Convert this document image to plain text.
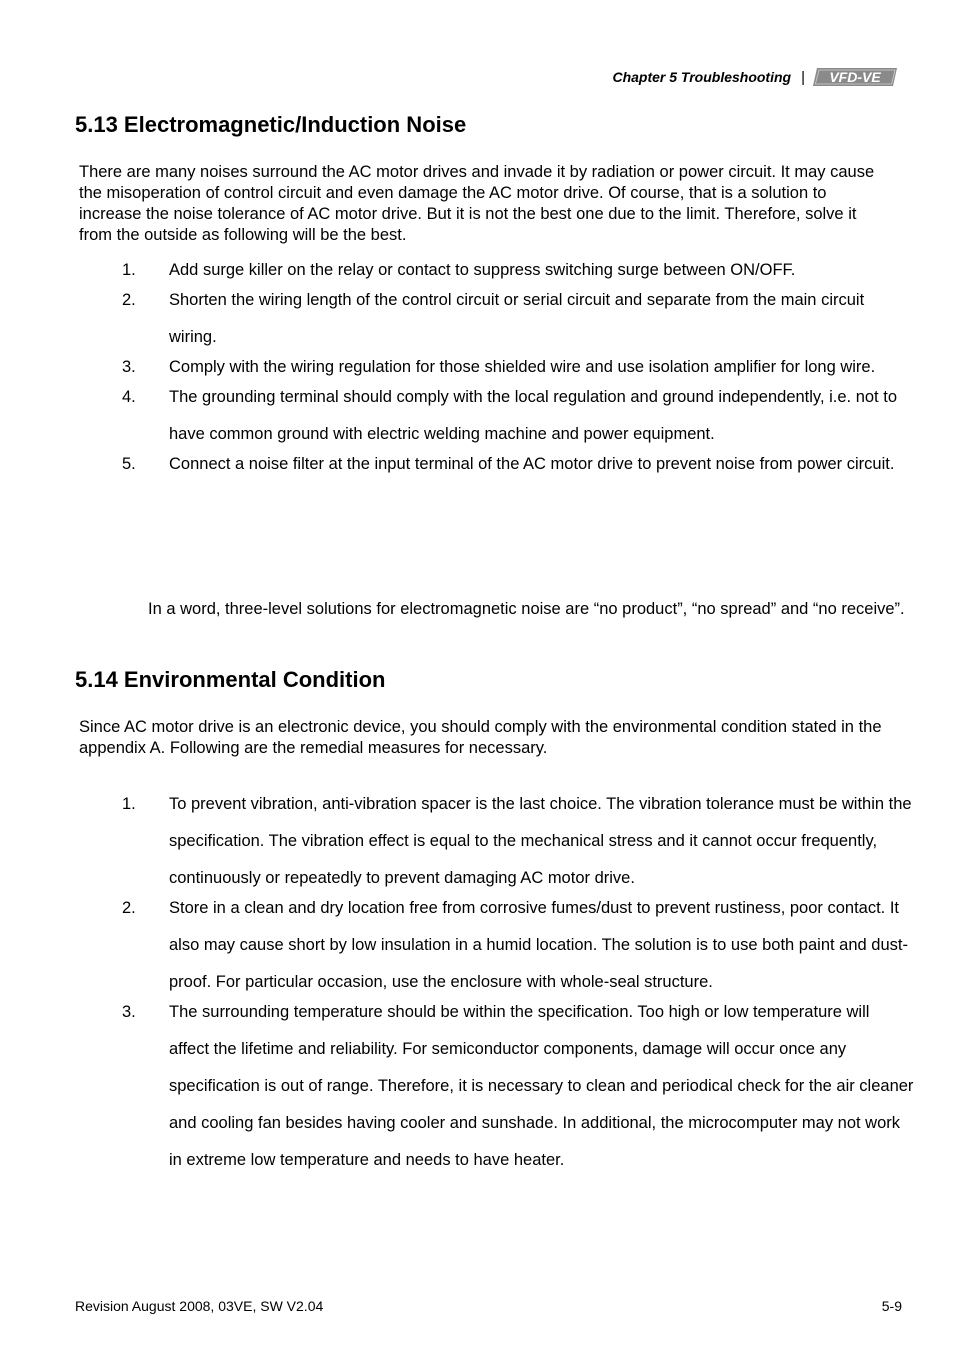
Chapter 5 Troubleshooting | VFD-VE
5.13 Electromagnetic/Induction Noise

There are many noises surround the AC motor drives and invade it by radiation or power circuit. It may cause the misoperation of control circuit and even damage the AC motor drive. Of course, that is a solution to increase the noise tolerance of AC motor drive. But it is not the best one due to the limit. Therefore, solve it from the outside as following will be the best.

1. Add surge killer on the relay or contact to suppress switching surge between ON/OFF.
2. Shorten the wiring length of the control circuit or serial circuit and separate from the main circuit wiring.
3. Comply with the wiring regulation for those shielded wire and use isolation amplifier for long wire.
4. The grounding terminal should comply with the local regulation and ground independently, i.e. not to have common ground with electric welding machine and power equipment.
5. Connect a noise filter at the input terminal of the AC motor drive to prevent noise from power circuit.

In a word, three-level solutions for electromagnetic noise are “no product”, “no spread” and “no receive”.

5.14 Environmental Condition

Since AC motor drive is an electronic device, you should comply with the environmental condition stated in the appendix A. Following are the remedial measures for necessary.

1. To prevent vibration, anti-vibration spacer is the last choice. The vibration tolerance must be within the specification. The vibration effect is equal to the mechanical stress and it cannot occur frequently, continuously or repeatedly to prevent damaging AC motor drive.
2. Store in a clean and dry location free from corrosive fumes/dust to prevent rustiness, poor contact. It also may cause short by low insulation in a humid location. The solution is to use both paint and dust-proof. For particular occasion, use the enclosure with whole-seal structure.
3. The surrounding temperature should be within the specification. Too high or low temperature will affect the lifetime and reliability. For semiconductor components, damage will occur once any specification is out of range. Therefore, it is necessary to clean and periodical check for the air cleaner and cooling fan besides having cooler and sunshade. In additional, the microcomputer may not work in extreme low temperature and needs to have heater.
Revision August 2008, 03VE, SW V2.04	5-9
